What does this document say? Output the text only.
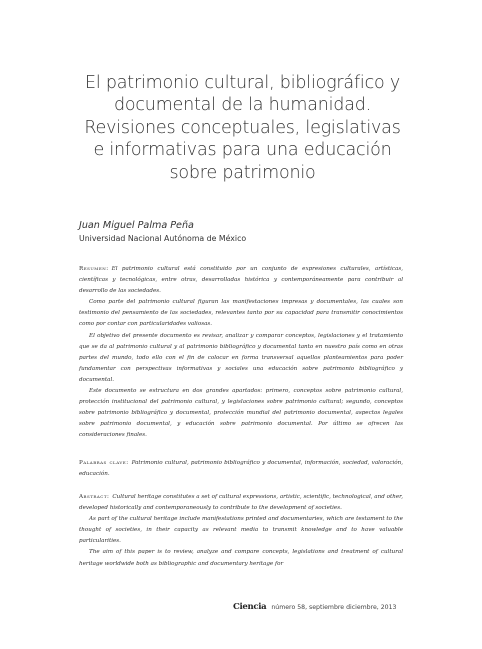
El patrimonio cultural, bibliográfico y
documental de la humanidad.
Revisiones conceptuales, legislativas
e informativas para una educación
sobre patrimonio
Juan Miguel Palma Peña
Universidad Nacional Autónoma de México

Resumen: El patrimonio cultural está constituido por un conjunto de expresiones culturales, artísticas, científicas y tecnológicas, entre otras, desarrolladas histórica y contemporáneamente para contribuir al desarrollo de las sociedades.

Como parte del patrimonio cultural figuran las manifestaciones impresas y documentales, las cuales son testimonio del pensamiento de las sociedades, relevantes tanto por su capacidad para transmitir conocimientos como por contar con particularidades valiosas.

El objetivo del presente documento es revisar, analizar y comparar conceptos, legislaciones y el tratamiento que se da al patrimonio cultural y al patrimonio bibliográfico y documental tanto en nuestro país como en otras partes del mundo, todo ello con el fin de colocar en forma transversal aquellos planteamientos para poder fundamentar con perspectivas informativas y sociales una educación sobre patrimonio bibliográfico y documental.

Este documento se estructura en dos grandes apartados: primero, conceptos sobre patrimonio cultural, protección institucional del patrimonio cultural, y legislaciones sobre patrimonio cultural; segundo, conceptos sobre patrimonio bibliográfico y documental, protección mundial del patrimonio documental, aspectos legales sobre patrimonio documental, y educación sobre patrimonio documental. Por último se ofrecen las consideraciones finales.

Palabras clave: Patrimonio cultural, patrimonio bibliográfico y documental, información, sociedad, valoración, educación.

Abstract: Cultural heritage constitutes a set of cultural expressions, artistic, scientific, technological, and other, developed historically and contemporaneously to contribute to the development of societies.

As part of the cultural heritage include manifestations printed and documentaries, which are testament to the thought of societies, in their capacity as relevant media to transmit knowledge and to have valuable particularities.

The aim of this paper is to review, analyze and compare concepts, legislations and treatment of cultural heritage worldwide both as bibliographic and documentary heritage for

Ciencia número 58, septiembre diciembre, 2013
